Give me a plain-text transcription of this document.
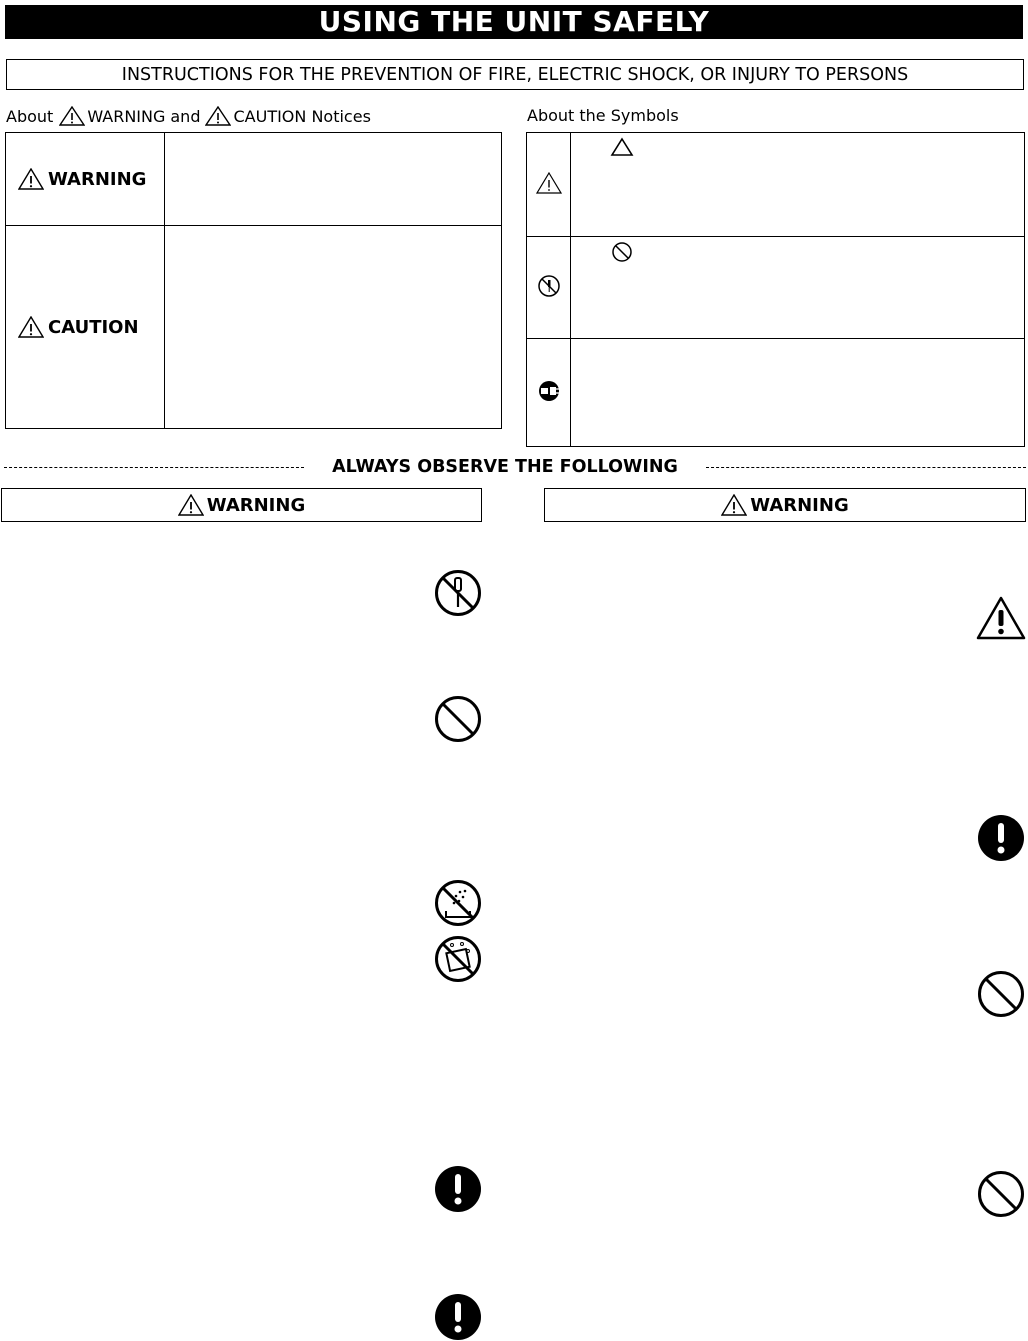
USING THE UNIT SAFELY
INSTRUCTIONS FOR THE PREVENTION OF FIRE, ELECTRIC SHOCK, OR INJURY TO PERSONS
About WARNING and CAUTION Notices	About the Symbols
WARNING	

CAUTION	

ALWAYS OBSERVE THE FOLLOWING
WARNING	WARNING
